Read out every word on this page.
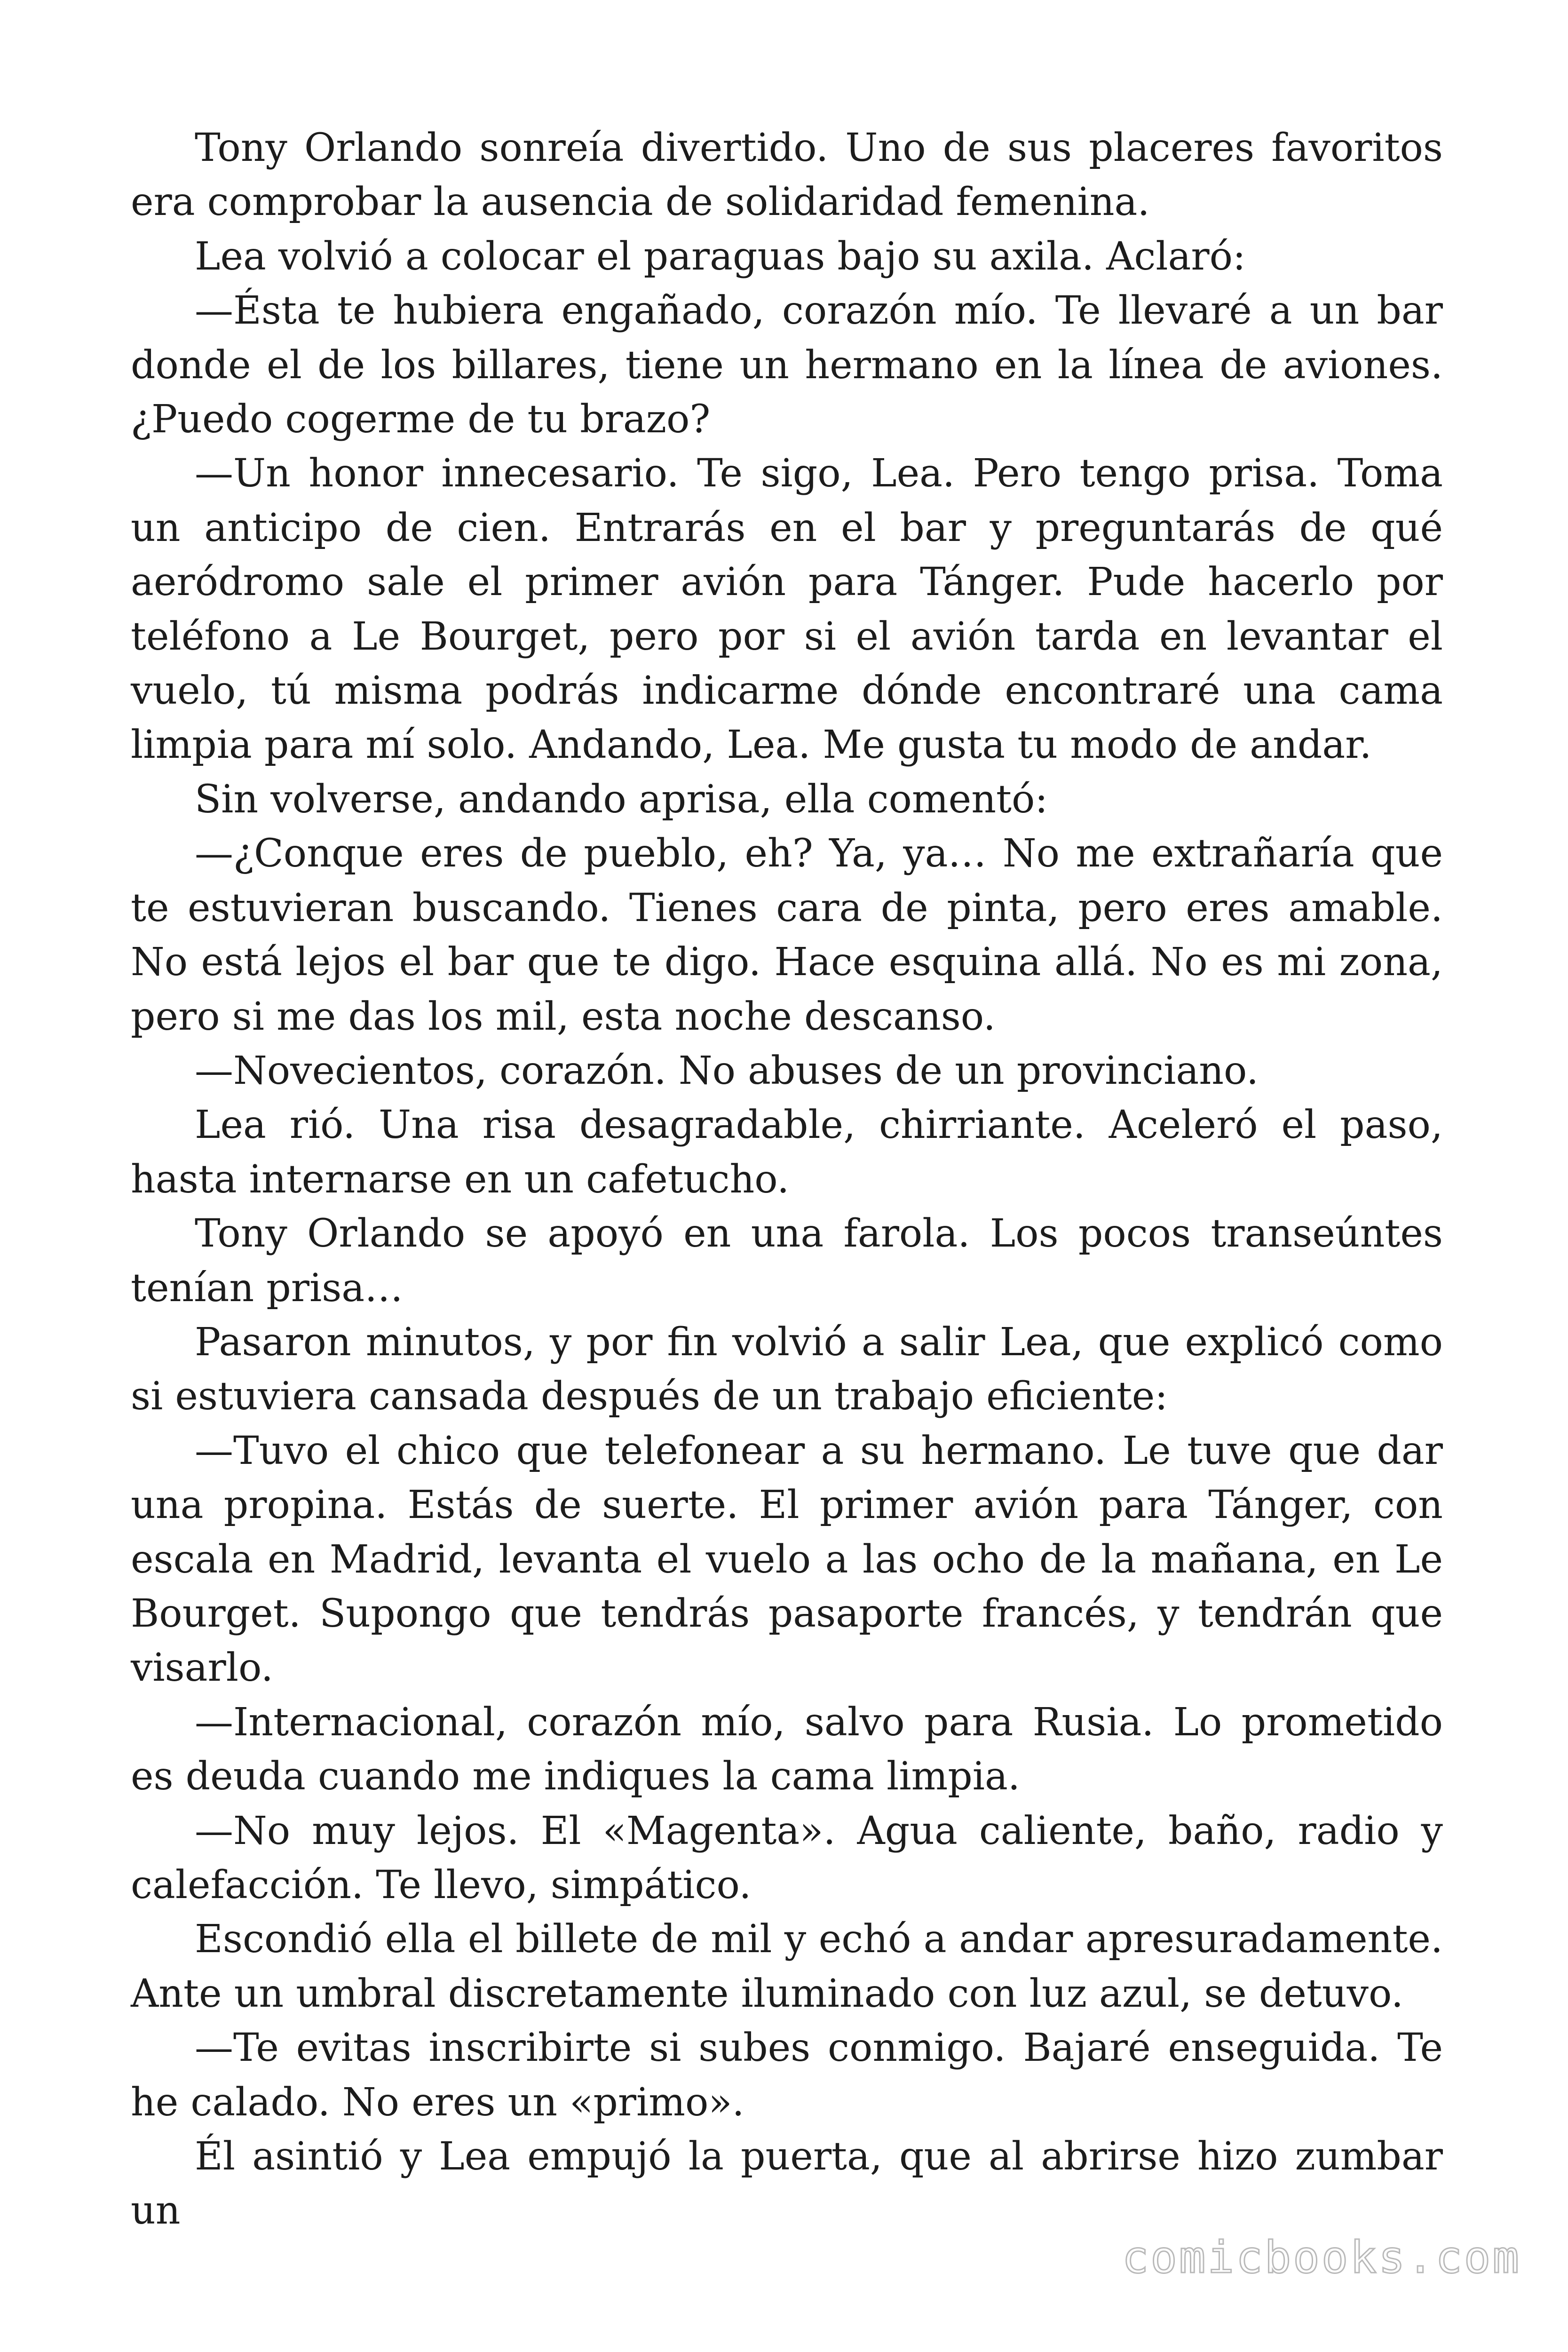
Tony Orlando sonreía divertido. Uno de sus placeres favoritos era comprobar la ausencia de solidaridad femenina.

Lea volvió a colocar el paraguas bajo su axila. Aclaró:

—Ésta te hubiera engañado, corazón mío. Te llevaré a un bar donde el de los billares, tiene un hermano en la línea de aviones. ¿Puedo cogerme de tu brazo?

—Un honor innecesario. Te sigo, Lea. Pero tengo prisa. Toma un anticipo de cien. Entrarás en el bar y preguntarás de qué aeródromo sale el primer avión para Tánger. Pude hacerlo por teléfono a Le Bourget, pero por si el avión tarda en levantar el vuelo, tú misma podrás indicarme dónde encontraré una cama limpia para mí solo. Andando, Lea. Me gusta tu modo de andar.

Sin volverse, andando aprisa, ella comentó:

—¿Conque eres de pueblo, eh? Ya, ya… No me extrañaría que te estuvieran buscando. Tienes cara de pinta, pero eres amable. No está lejos el bar que te digo. Hace esquina allá. No es mi zona, pero si me das los mil, esta noche descanso.

—Novecientos, corazón. No abuses de un provinciano.

Lea rió. Una risa desagradable, chirriante. Aceleró el paso, hasta internarse en un cafetucho.

Tony Orlando se apoyó en una farola. Los pocos transeúntes tenían prisa…

Pasaron minutos, y por fin volvió a salir Lea, que explicó como si estuviera cansada después de un trabajo eficiente:

—Tuvo el chico que telefonear a su hermano. Le tuve que dar una propina. Estás de suerte. El primer avión para Tánger, con escala en Madrid, levanta el vuelo a las ocho de la mañana, en Le Bourget. Supongo que tendrás pasaporte francés, y tendrán que visarlo.

—Internacional, corazón mío, salvo para Rusia. Lo prometido es deuda cuando me indiques la cama limpia.

—No muy lejos. El «Magenta». Agua caliente, baño, radio y calefacción. Te llevo, simpático.

Escondió ella el billete de mil y echó a andar apresuradamente. Ante un umbral discretamente iluminado con luz azul, se detuvo.

—Te evitas inscribirte si subes conmigo. Bajaré enseguida. Te he calado. No eres un «primo».

Él asintió y Lea empujó la puerta, que al abrirse hizo zumbar un

comicbooks.com
